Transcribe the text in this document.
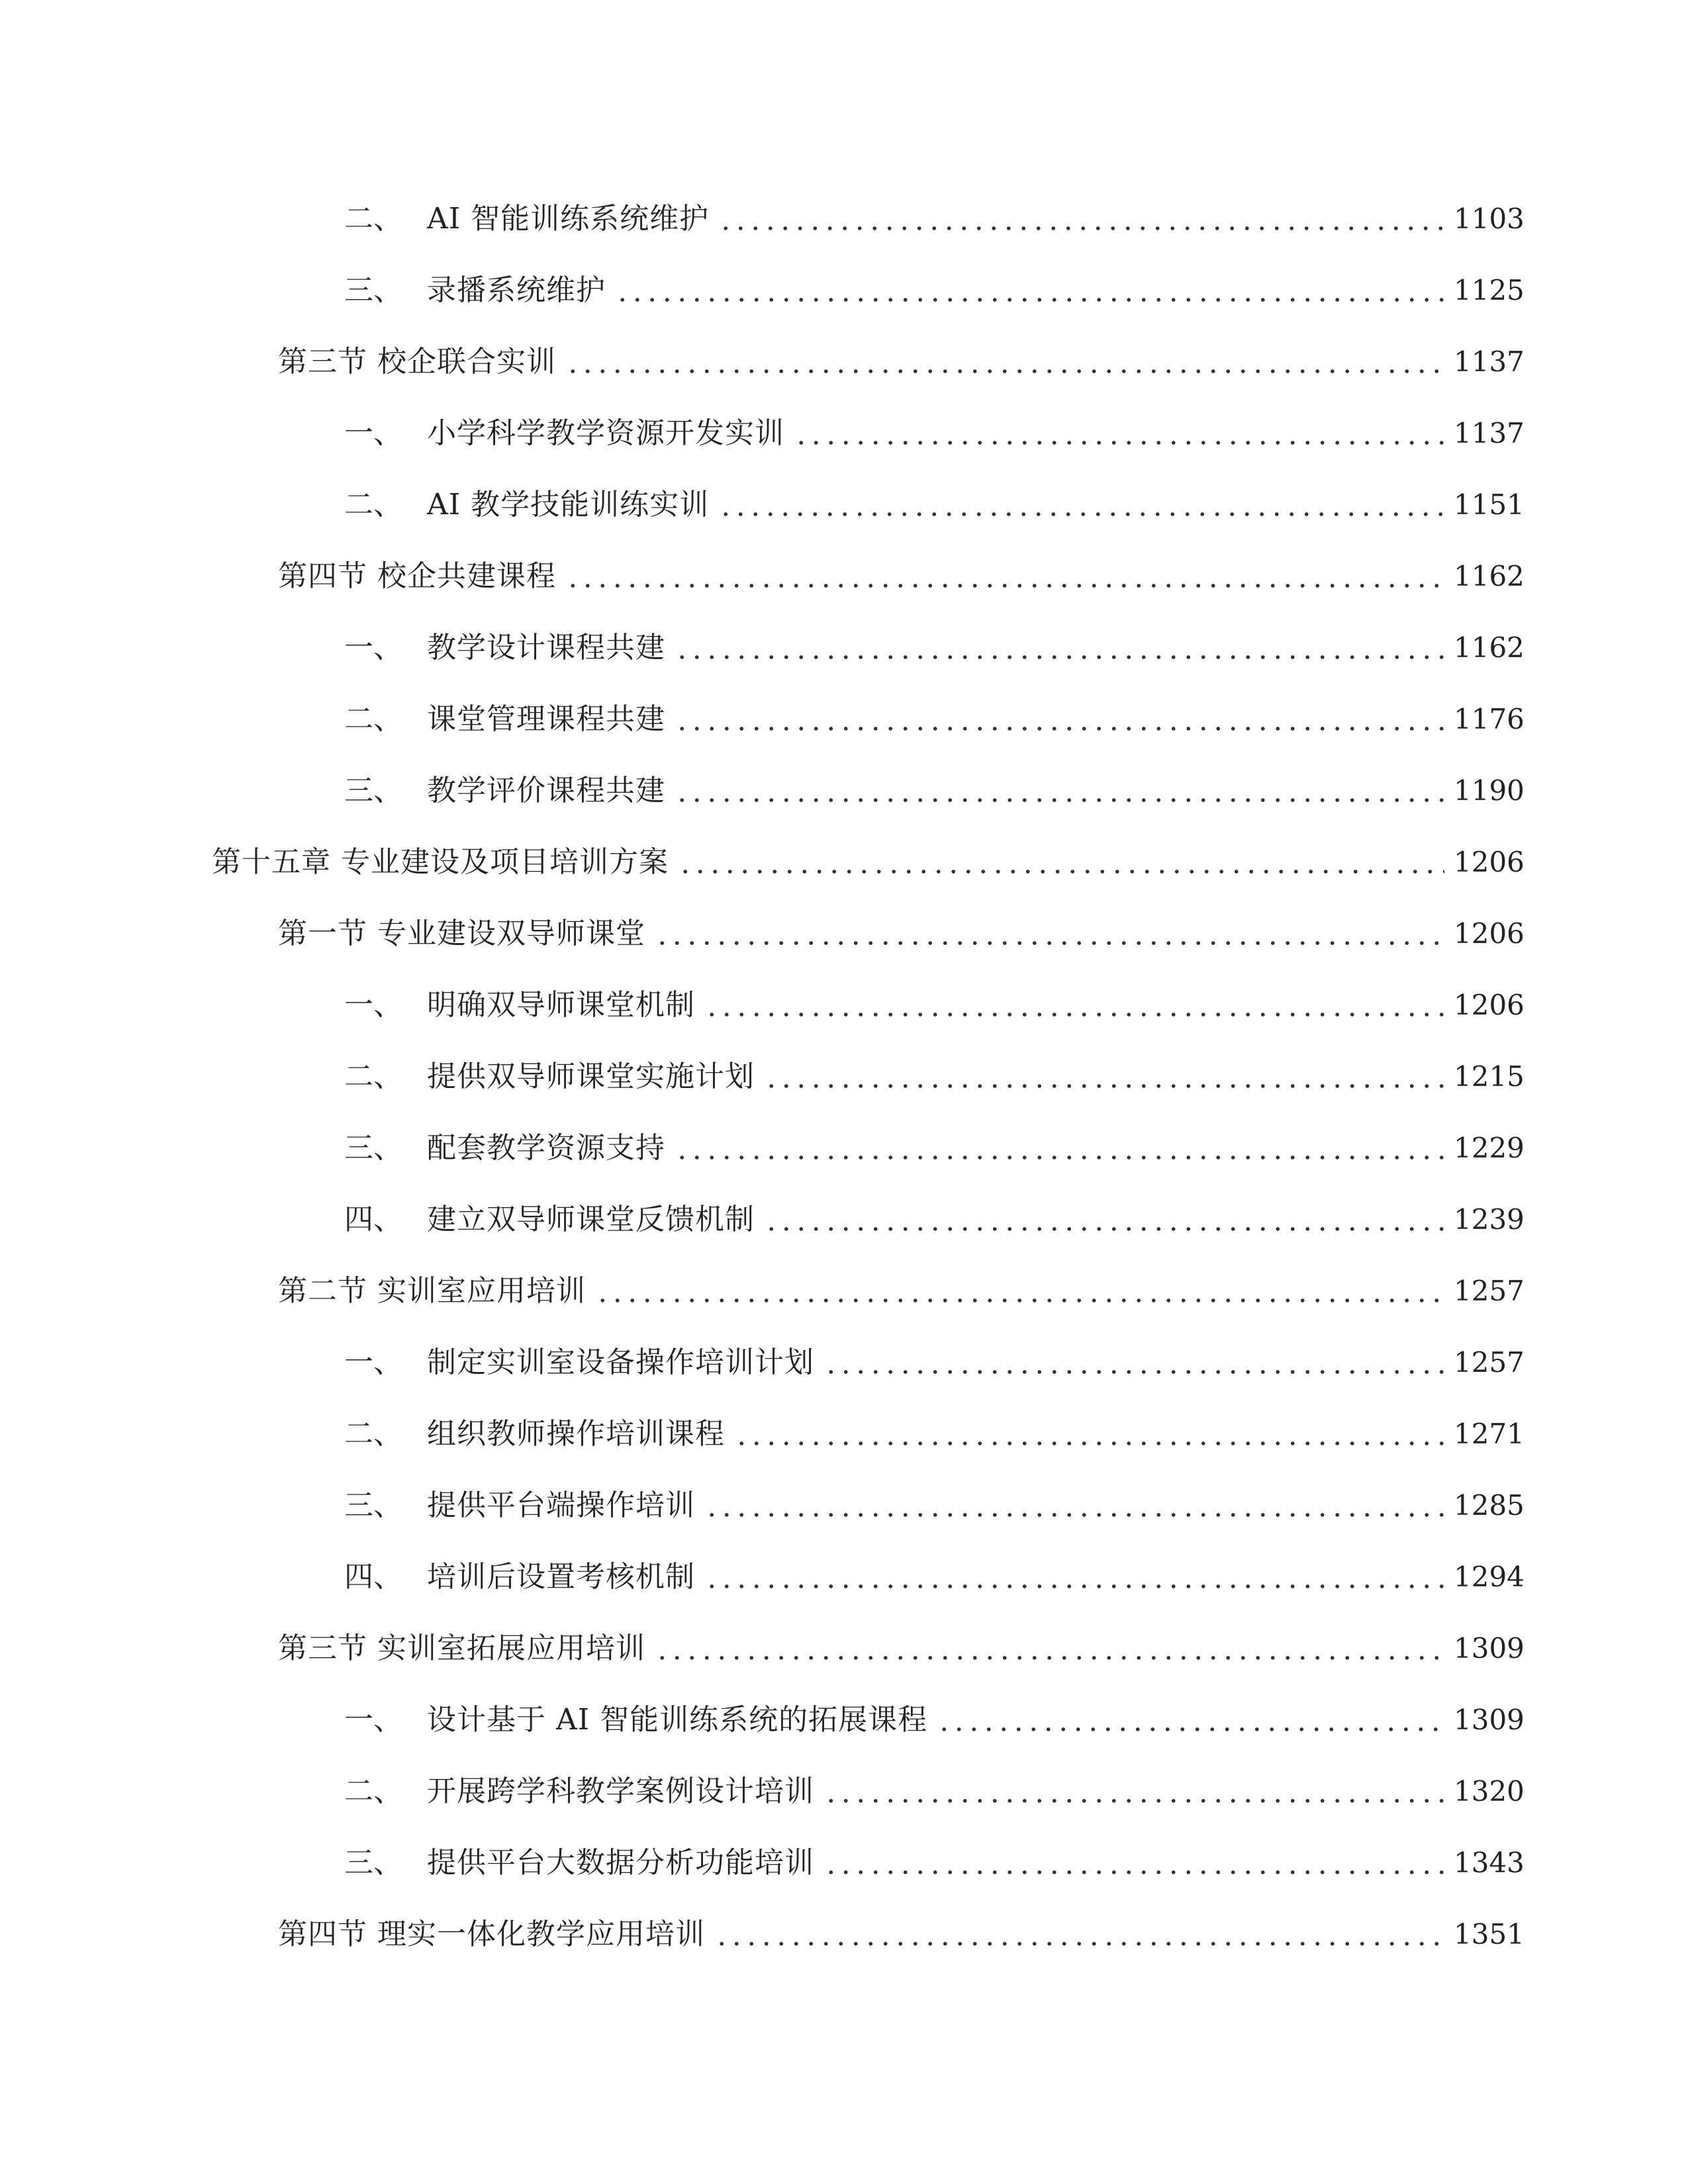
二、 AI 智能训练系统维护	1103
三、 录播系统维护	1125
第三节 校企联合实训	1137
一、 小学科学教学资源开发实训	1137
二、 AI 教学技能训练实训	1151
第四节 校企共建课程	1162
一、 教学设计课程共建	1162
二、 课堂管理课程共建	1176
三、 教学评价课程共建	1190
第十五章 专业建设及项目培训方案	1206
第一节 专业建设双导师课堂	1206
一、 明确双导师课堂机制	1206
二、 提供双导师课堂实施计划	1215
三、 配套教学资源支持	1229
四、 建立双导师课堂反馈机制	1239
第二节 实训室应用培训	1257
一、 制定实训室设备操作培训计划	1257
二、 组织教师操作培训课程	1271
三、 提供平台端操作培训	1285
四、 培训后设置考核机制	1294
第三节 实训室拓展应用培训	1309
一、 设计基于 AI 智能训练系统的拓展课程	1309
二、 开展跨学科教学案例设计培训	1320
三、 提供平台大数据分析功能培训	1343
第四节 理实一体化教学应用培训	1351
